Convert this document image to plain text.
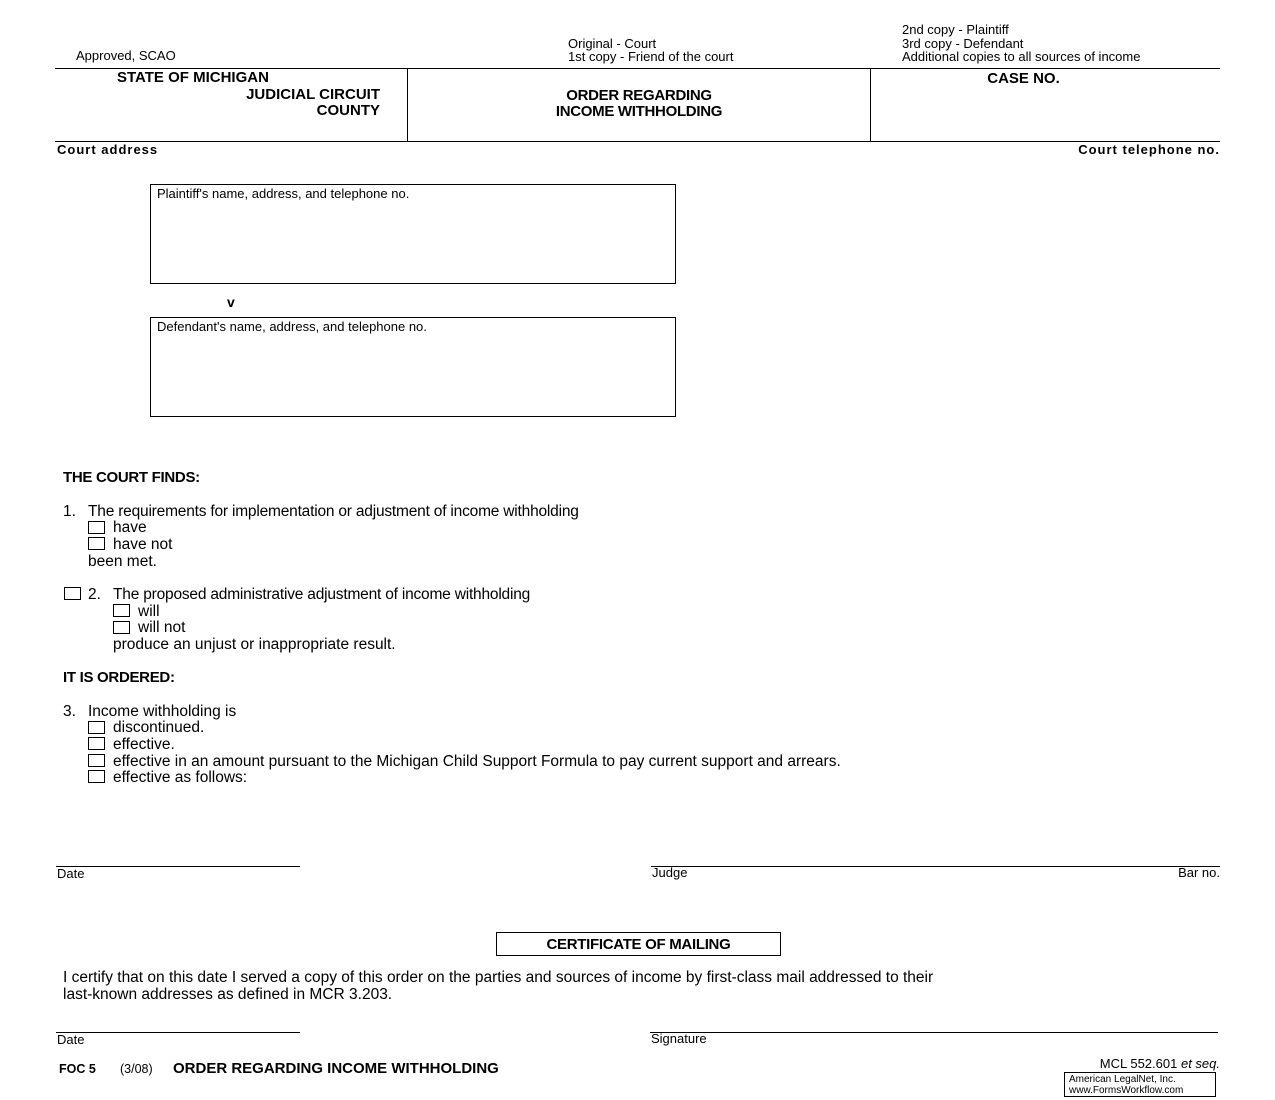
Approved, SCAO
Original - Court
1st copy - Friend of the court
2nd copy - Plaintiff
3rd copy - Defendant
Additional copies to all sources of income
STATE OF MICHIGAN
JUDICIAL CIRCUIT
COUNTY
ORDER REGARDING
INCOME WITHHOLDING
CASE NO.
Court address	Court telephone no.
Plaintiff's name, address, and telephone no.
v
Defendant's name, address, and telephone no.
THE COURT FINDS:
1. The requirements for implementation or adjustment of income withholding
have
have not
been met.
2. The proposed administrative adjustment of income withholding
will
will not
produce an unjust or inappropriate result.
IT IS ORDERED:
3. Income withholding is
discontinued.
effective.
effective in an amount pursuant to the Michigan Child Support Formula to pay current support and arrears.
effective as follows:
Date	Judge	Bar no.
CERTIFICATE OF MAILING
I certify that on this date I served a copy of this order on the parties and sources of income by first-class mail addressed to their
last-known addresses as defined in MCR 3.203.
Date	Signature
FOC 5 (3/08) ORDER REGARDING INCOME WITHHOLDING	MCL 552.601 et seq.
American LegalNet, Inc.
www.FormsWorkflow.com
